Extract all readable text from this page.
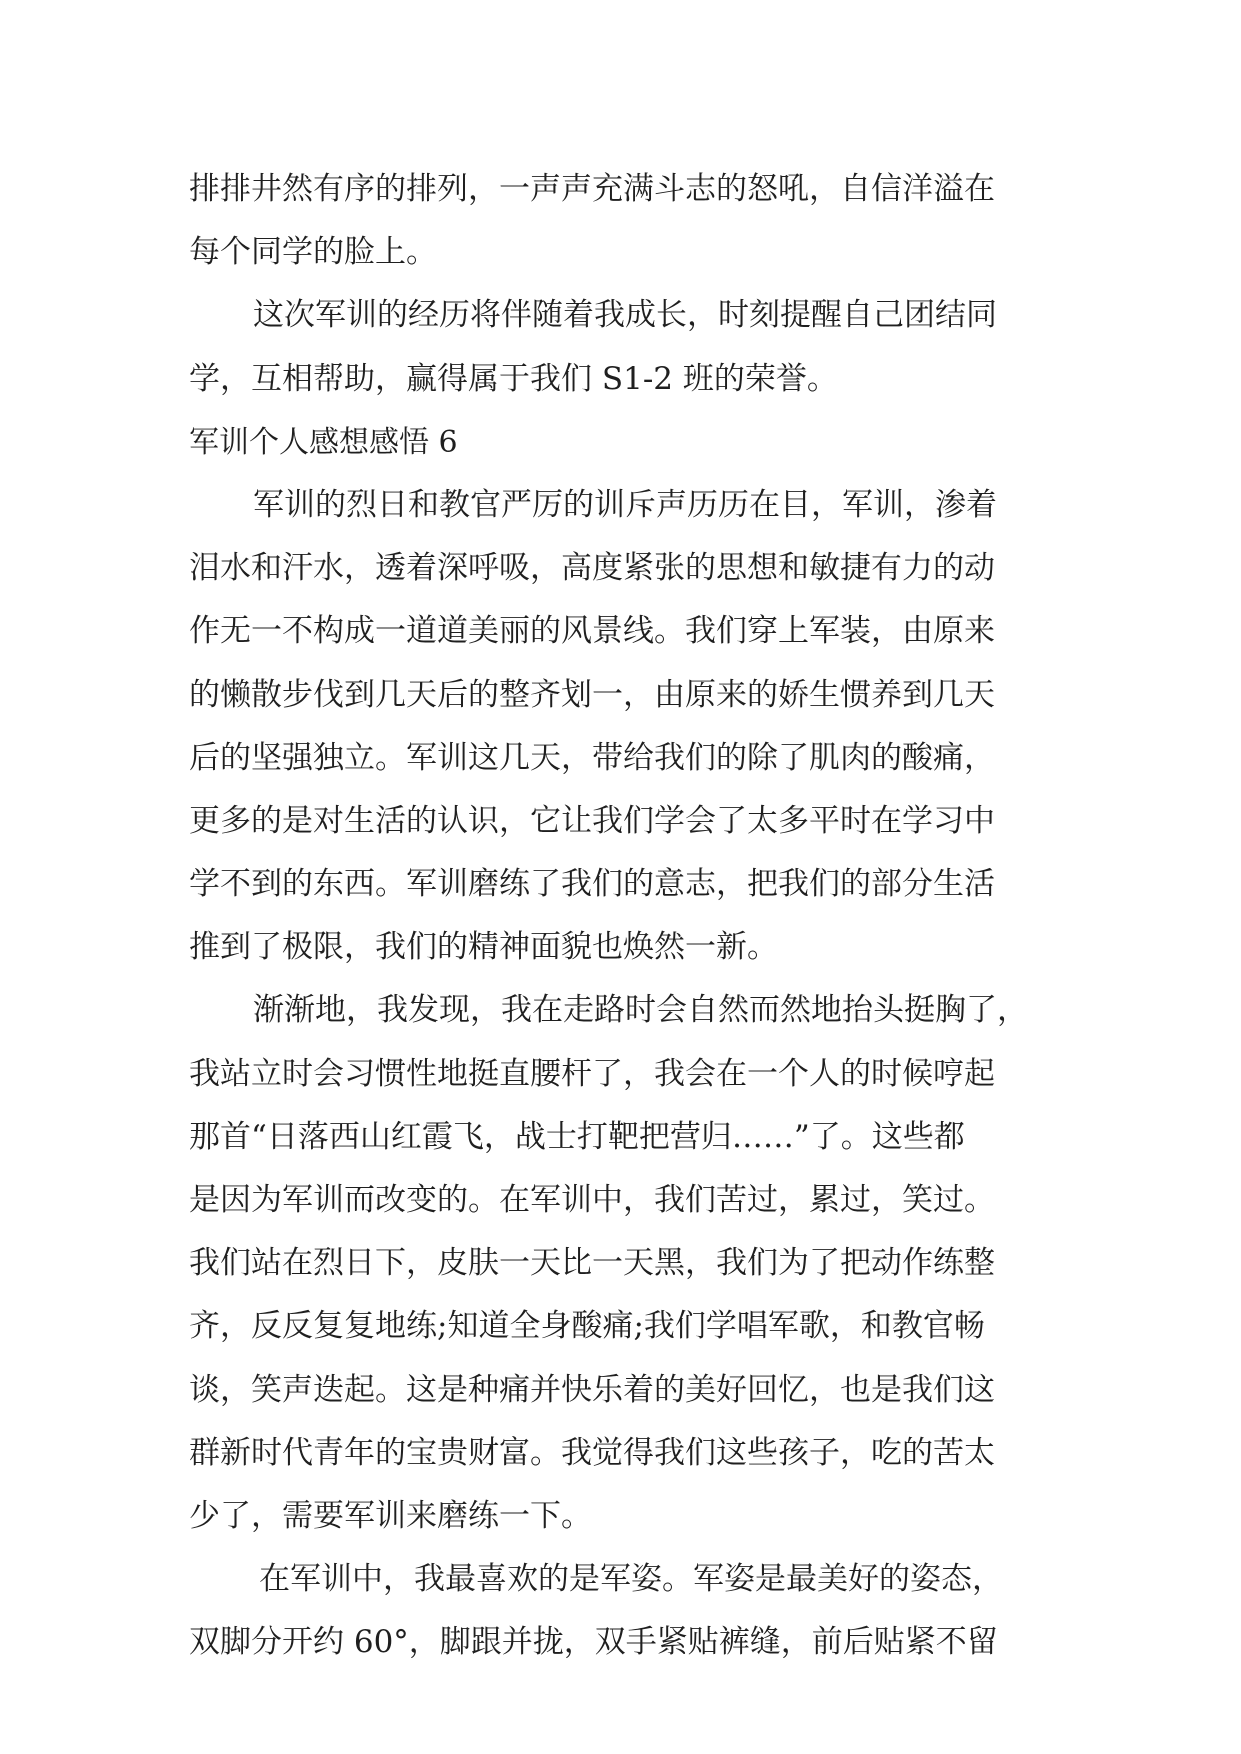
排排井然有序的排列，一声声充满斗志的怒吼，自信洋溢在
每个同学的脸上。
这次军训的经历将伴随着我成长，时刻提醒自己团结同
学，互相帮助，赢得属于我们 S1-2 班的荣誉。
军训个人感想感悟 6
军训的烈日和教官严厉的训斥声历历在目，军训，渗着
泪水和汗水，透着深呼吸，高度紧张的思想和敏捷有力的动
作无一不构成一道道美丽的风景线。我们穿上军装，由原来
的懒散步伐到几天后的整齐划一，由原来的娇生惯养到几天
后的坚强独立。军训这几天，带给我们的除了肌肉的酸痛，
更多的是对生活的认识，它让我们学会了太多平时在学习中
学不到的东西。军训磨练了我们的意志，把我们的部分生活
推到了极限，我们的精神面貌也焕然一新。
渐渐地，我发现，我在走路时会自然而然地抬头挺胸了，
我站立时会习惯性地挺直腰杆了，我会在一个人的时候哼起
那首“日落西山红霞飞，战士打靶把营归……”了。这些都
是因为军训而改变的。在军训中，我们苦过，累过，笑过。
我们站在烈日下，皮肤一天比一天黑，我们为了把动作练整
齐，反反复复地练;知道全身酸痛;我们学唱军歌，和教官畅
谈，笑声迭起。这是种痛并快乐着的美好回忆，也是我们这
群新时代青年的宝贵财富。我觉得我们这些孩子，吃的苦太
少了，需要军训来磨练一下。
在军训中，我最喜欢的是军姿。军姿是最美好的姿态，
双脚分开约 60°，脚跟并拢，双手紧贴裤缝，前后贴紧不留
